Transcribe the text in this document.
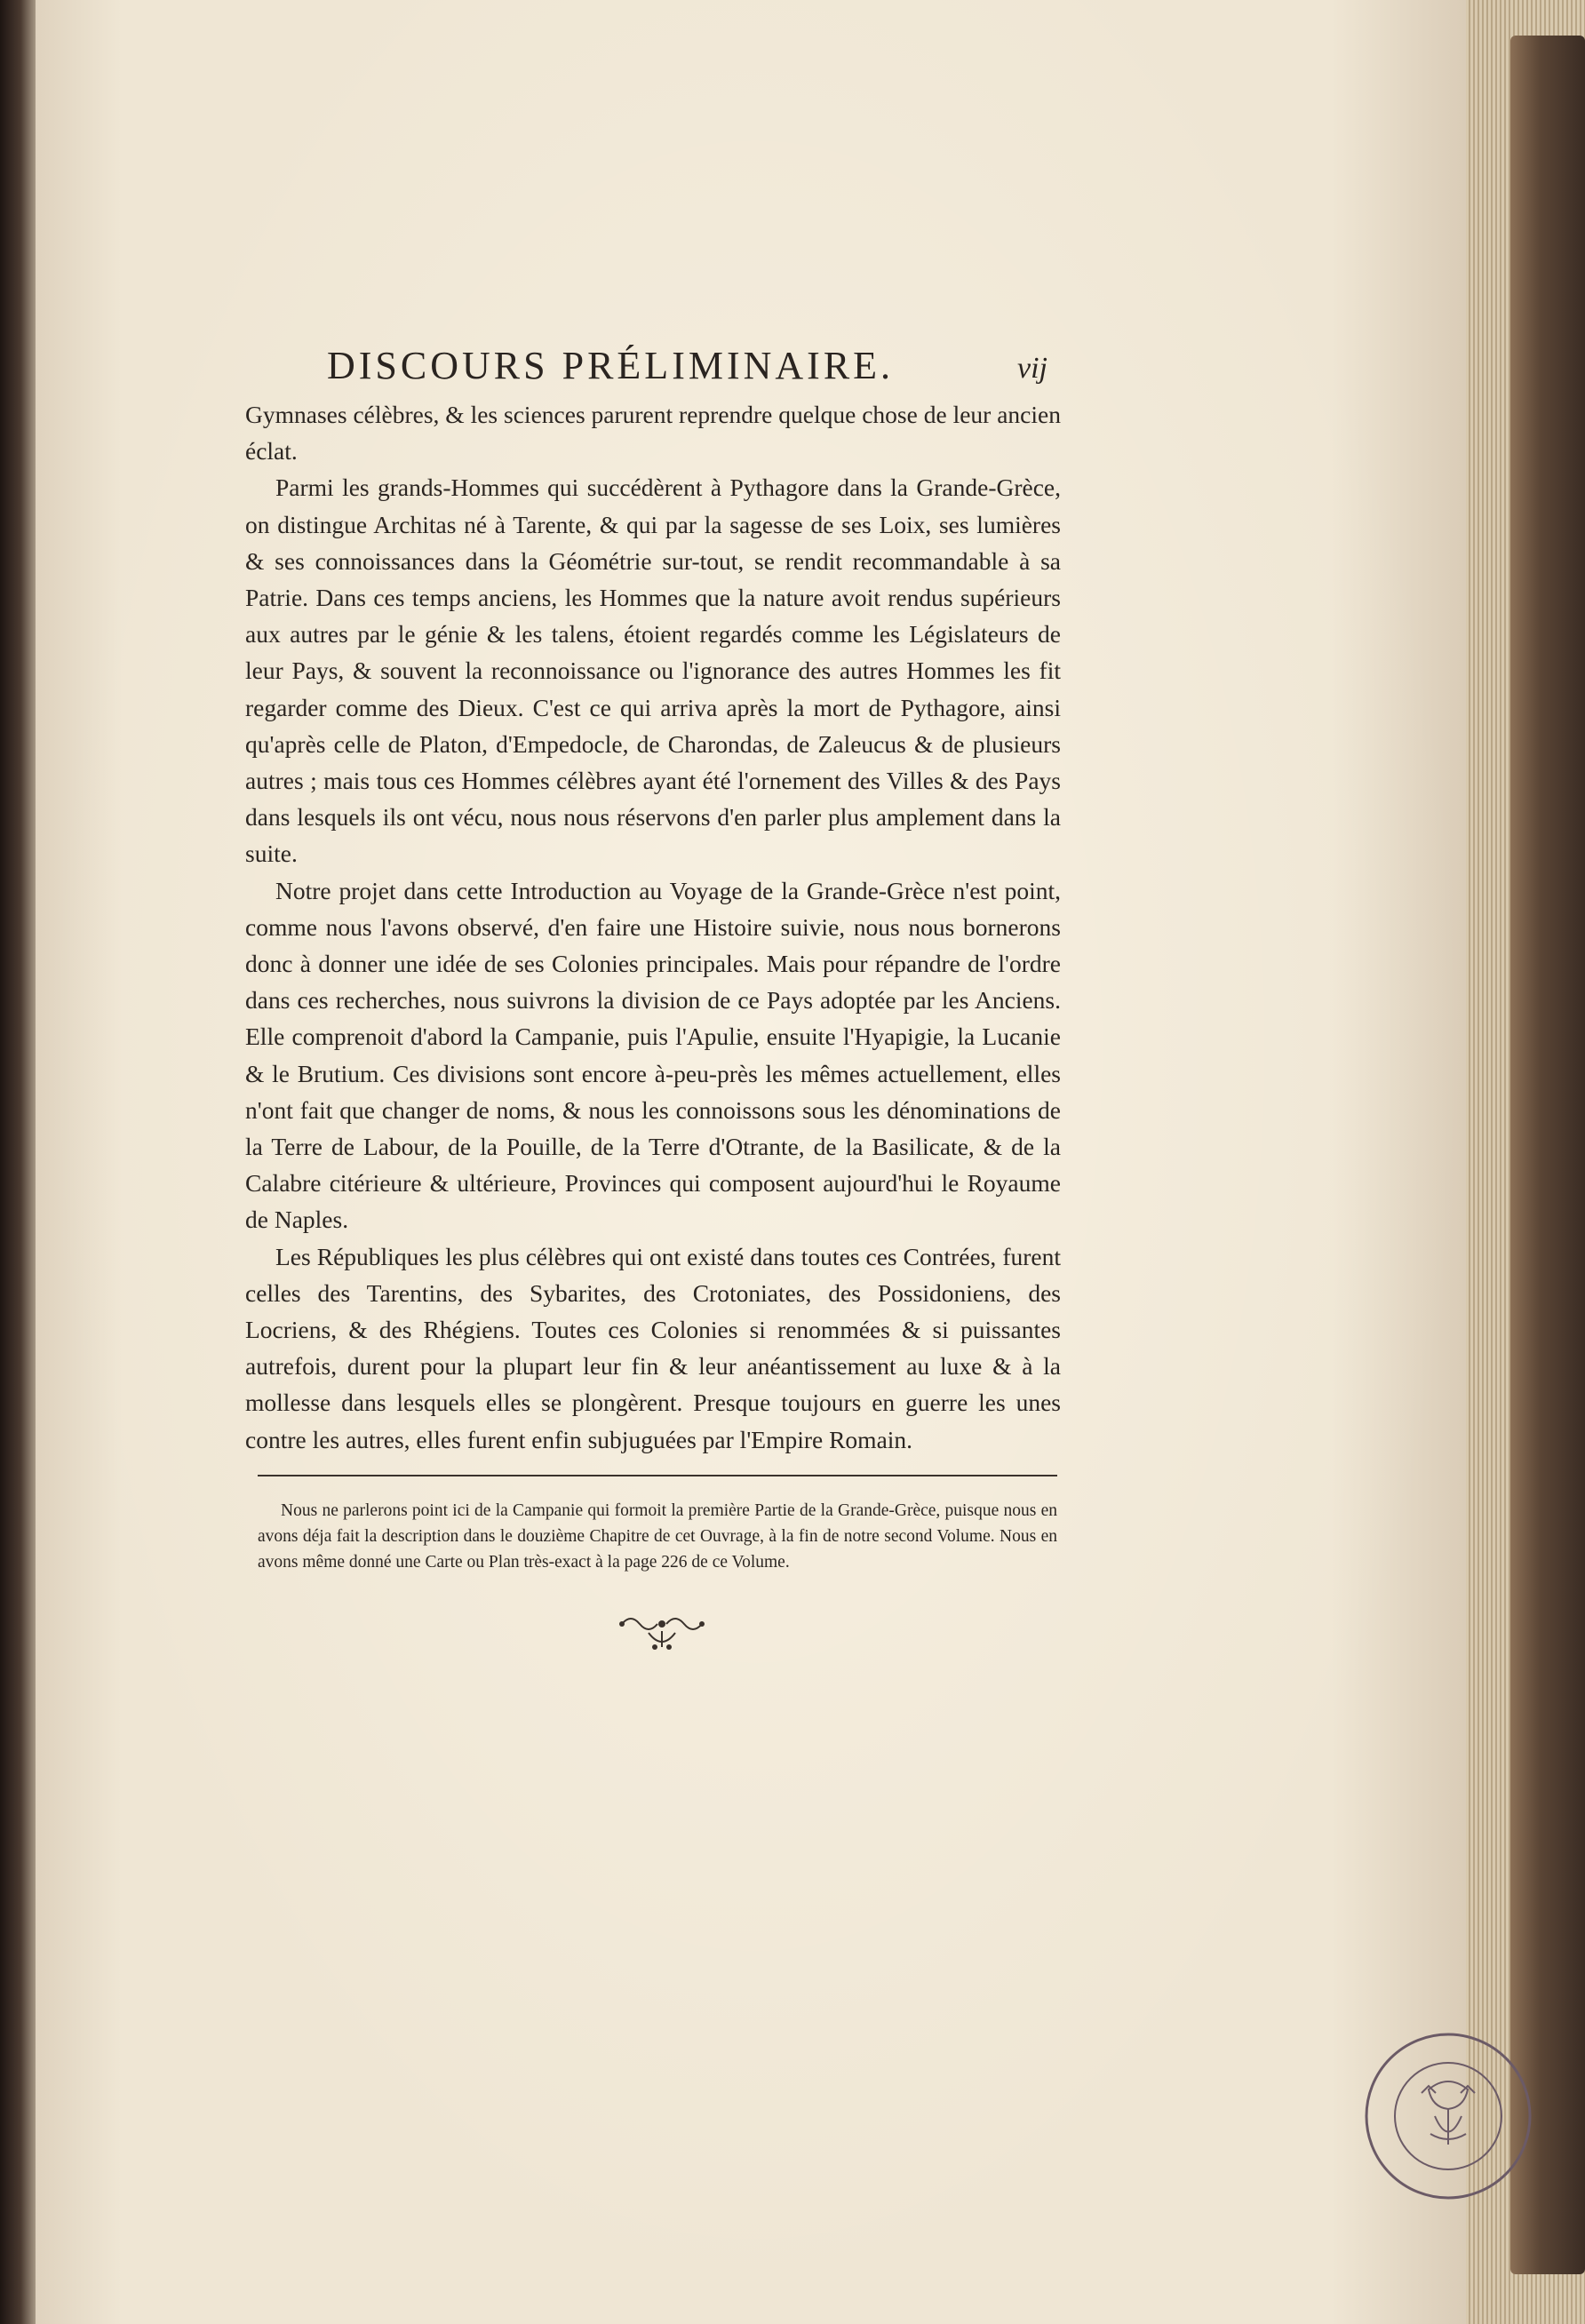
DISCOURS PRÉLIMINAIRE.	vij

Gymnases célèbres, & les sciences parurent reprendre quelque chose de leur ancien éclat.

Parmi les grands-Hommes qui succédèrent à Pythagore dans la Grande-Grèce, on distingue Architas né à Tarente, & qui par la sagesse de ses Loix, ses lumières & ses connoissances dans la Géométrie sur-tout, se rendit recommandable à sa Patrie. Dans ces temps anciens, les Hommes que la nature avoit rendus supérieurs aux autres par le génie & les talens, étoient regardés comme les Législateurs de leur Pays, & souvent la reconnoissance ou l'ignorance des autres Hommes les fit regarder comme des Dieux. C'est ce qui arriva après la mort de Pythagore, ainsi qu'après celle de Platon, d'Empedocle, de Charondas, de Zaleucus & de plusieurs autres ; mais tous ces Hommes célèbres ayant été l'ornement des Villes & des Pays dans lesquels ils ont vécu, nous nous réservons d'en parler plus amplement dans la suite.

Notre projet dans cette Introduction au Voyage de la Grande-Grèce n'est point, comme nous l'avons observé, d'en faire une Histoire suivie, nous nous bornerons donc à donner une idée de ses Colonies principales. Mais pour répandre de l'ordre dans ces recherches, nous suivrons la division de ce Pays adoptée par les Anciens. Elle comprenoit d'abord la Campanie, puis l'Apulie, ensuite l'Hyapigie, la Lucanie & le Brutium. Ces divisions sont encore à-peu-près les mêmes actuellement, elles n'ont fait que changer de noms, & nous les connoissons sous les dénominations de la Terre de Labour, de la Pouille, de la Terre d'Otrante, de la Basilicate, & de la Calabre citérieure & ultérieure, Provinces qui composent aujourd'hui le Royaume de Naples.

Les Républiques les plus célèbres qui ont existé dans toutes ces Contrées, furent celles des Tarentins, des Sybarites, des Crotoniates, des Possidoniens, des Locriens, & des Rhégiens. Toutes ces Colonies si renommées & si puissantes autrefois, durent pour la plupart leur fin & leur anéantissement au luxe & à la mollesse dans lesquels elles se plongèrent. Presque toujours en guerre les unes contre les autres, elles furent enfin subjuguées par l'Empire Romain.

Nous ne parlerons point ici de la Campanie qui formoit la première Partie de la Grande-Grèce, puisque nous en avons déja fait la description dans le douzième Chapitre de cet Ouvrage, à la fin de notre second Volume. Nous en avons même donné une Carte ou Plan très-exact à la page 226 de ce Volume.
